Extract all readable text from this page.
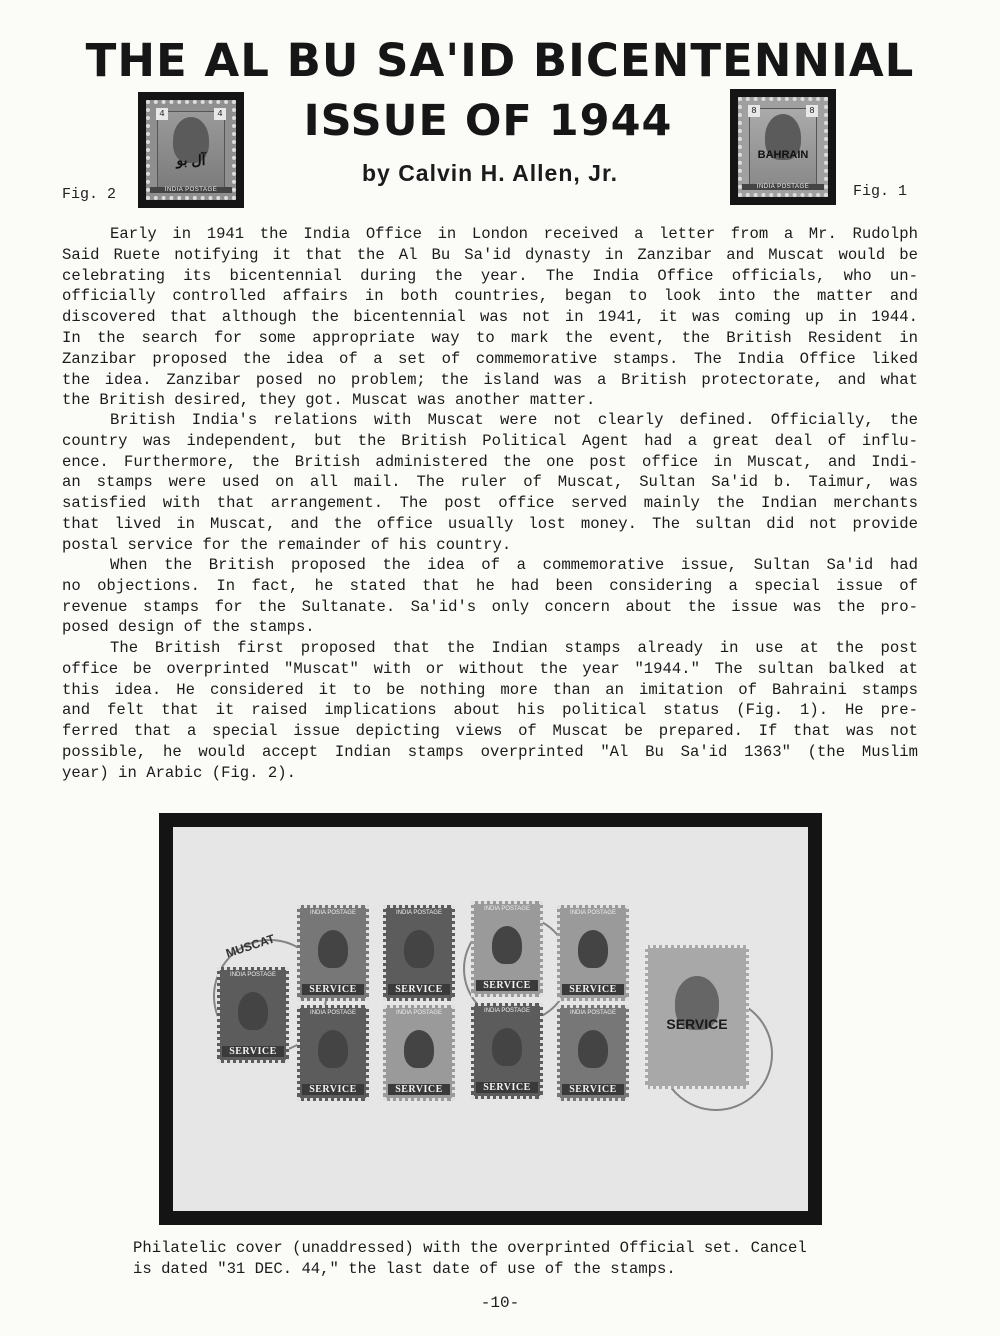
THE AL BU SA'ID BICENTENNIAL
ISSUE OF 1944
by Calvin H. Allen, Jr.
Fig. 2
4	4
آل بو
INDIA POSTAGE
8	8
BAHRAIN
INDIA POSTAGE	Fig. 1
Early in 1941 the India Office in London received a letter from a Mr. Rudolph
Said Ruete notifying it that the Al Bu Sa'id dynasty in Zanzibar and Muscat would be
celebrating its bicentennial during the year. The India Office officials, who un-
officially controlled affairs in both countries, began to look into the matter and
discovered that although the bicentennial was not in 1941, it was coming up in 1944.
In the search for some appropriate way to mark the event, the British Resident in
Zanzibar proposed the idea of a set of commemorative stamps. The India Office liked
the idea. Zanzibar posed no problem; the island was a British protectorate, and what
the British desired, they got. Muscat was another matter.
British India's relations with Muscat were not clearly defined. Officially, the
country was independent, but the British Political Agent had a great deal of influ-
ence. Furthermore, the British administered the one post office in Muscat, and Indi-
an stamps were used on all mail. The ruler of Muscat, Sultan Sa'id b. Taimur, was
satisfied with that arrangement. The post office served mainly the Indian merchants
that lived in Muscat, and the office usually lost money. The sultan did not provide
postal service for the remainder of his country.
When the British proposed the idea of a commemorative issue, Sultan Sa'id had
no objections. In fact, he stated that he had been considering a special issue of
revenue stamps for the Sultanate. Sa'id's only concern about the issue was the pro-
posed design of the stamps.
The British first proposed that the Indian stamps already in use at the post
office be overprinted "Muscat" with or without the year "1944." The sultan balked at
this idea. He considered it to be nothing more than an imitation of Bahraini stamps
and felt that it raised implications about his political status (Fig. 1). He pre-
ferred that a special issue depicting views of Muscat be prepared. If that was not
possible, he would accept Indian stamps overprinted "Al Bu Sa'id 1363" (the Muslim
year) in Arabic (Fig. 2).
MUSCAT
INDIA POSTAGE
SERVICE
INDIA POSTAGE
SERVICE
INDIA POSTAGE
SERVICE
INDIA POSTAGE
SERVICE
INDIA POSTAGE
SERVICE
INDIA POSTAGE
SERVICE
INDIA POSTAGE
SERVICE
INDIA POSTAGE
SERVICE
INDIA POSTAGE
SERVICE
SERVICE
Philatelic cover (unaddressed) with the overprinted Official set. Cancel
is dated "31 DEC. 44," the last date of use of the stamps.
-10-
